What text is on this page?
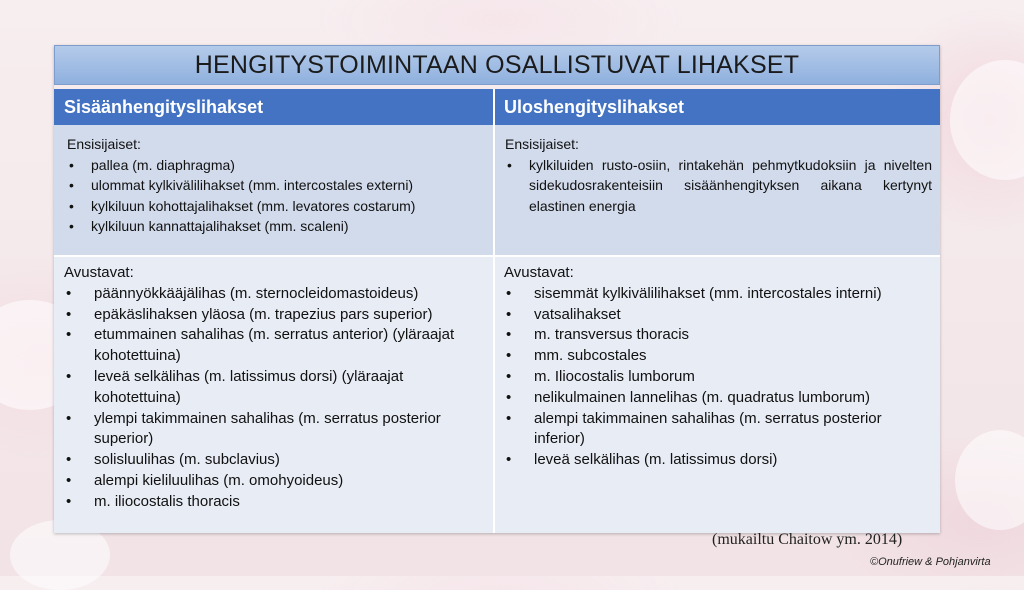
HENGITYSTOIMINTAAN OSALLISTUVAT LIHAKSET
Sisäänhengityslihakset	Uloshengityslihakset
Ensisijaiset:
• pallea (m. diaphragma)
• ulommat kylkivälilihakset (mm. intercostales externi)
• kylkiluun kohottajalihakset (mm. levatores costarum)
• kylkiluun kannattajalihakset (mm. scaleni)
Ensisijaiset:
• kylkiluiden rusto-osiin, rintakehän pehmytkudoksiin ja nivelten sidekudosrakenteisiin sisäänhengityksen aikana kertynyt elastinen energia
Avustavat:
• päännyökkääjälihas (m. sternocleidomastoideus)
• epäkäslihaksen yläosa (m. trapezius pars superior)
• etummainen sahalihas (m. serratus anterior) (yläraajat kohotettuina)
• leveä selkälihas (m. latissimus dorsi) (yläraajat kohotettuina)
• ylempi takimmainen sahalihas (m. serratus posterior superior)
• solisluulihas (m. subclavius)
• alempi kieliluulihas (m. omohyoideus)
• m. iliocostalis thoracis
Avustavat:
• sisemmät kylkivälilihakset (mm. intercostales interni)
• vatsalihakset
• m. transversus thoracis
• mm. subcostales
• m. Iliocostalis lumborum
• nelikulmainen lannelihas (m. quadratus lumborum)
• alempi takimmainen sahalihas (m. serratus posterior inferior)
• leveä selkälihas (m. latissimus dorsi)
(mukailtu Chaitow ym. 2014)
©Onufriew & Pohjanvirta
